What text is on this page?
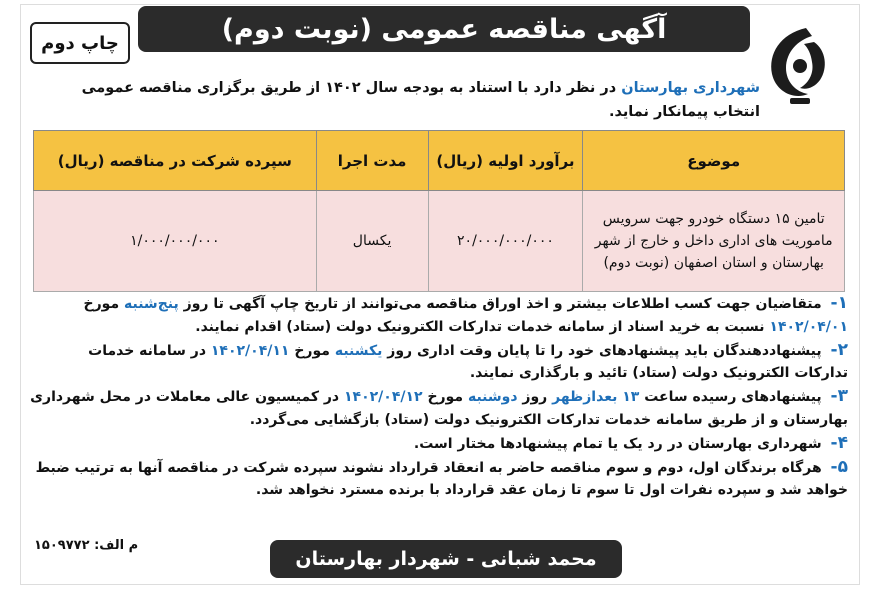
آگهی مناقصه عمومی (نوبت دوم)
چاپ دوم
شهرداری بهارستان در نظر دارد با استناد به بودجه سال ۱۴۰۲ از طریق برگزاری مناقصه عمومی انتخاب پیمانکار نماید.
موضوع	برآورد اولیه (ریال)	مدت اجرا	سپرده شرکت در مناقصه (ریال)
تامین ۱۵ دستگاه خودرو جهت سرویس ماموریت های اداری داخل و خارج از شهر بهارستان و استان اصفهان (نوبت دوم)	۲۰/۰۰۰/۰۰۰/۰۰۰	یکسال	۱/۰۰۰/۰۰۰/۰۰۰
۱- متقاضیان جهت کسب اطلاعات بیشتر و اخذ اوراق مناقصه می‌توانند از تاریخ چاپ آگهی تا روز پنج‌شنبه مورخ ۱۴۰۲/۰۴/۰۱ نسبت به خرید اسناد از سامانه خدمات تدارکات الکترونیک دولت (ستاد) اقدام نمایند.
۲- پیشنهاددهندگان باید پیشنهادهای خود را تا پایان وقت اداری روز یکشنبه مورخ ۱۴۰۲/۰۴/۱۱ در سامانه خدمات تدارکات الکترونیک دولت (ستاد) تائید و بارگذاری نمایند.
۳- پیشنهادهای رسیده ساعت ۱۳ بعدازظهر روز دوشنبه مورخ ۱۴۰۲/۰۴/۱۲ در کمیسیون عالی معاملات در محل شهرداری بهارستان و از طریق سامانه خدمات تدارکات الکترونیک دولت (ستاد) بازگشایی می‌گردد.
۴- شهرداری بهارستان در رد یک یا تمام پیشنهادها مختار است.
۵- هرگاه برندگان اول، دوم و سوم مناقصه حاضر به انعقاد قرارداد نشوند سپرده شرکت در مناقصه آنها به ترتیب ضبط خواهد شد و سپرده نفرات اول تا سوم تا زمان عقد قرارداد با برنده مسترد نخواهد شد.
م الف: ۱۵۰۹۷۷۲
محمد شبانی - شهردار بهارستان
